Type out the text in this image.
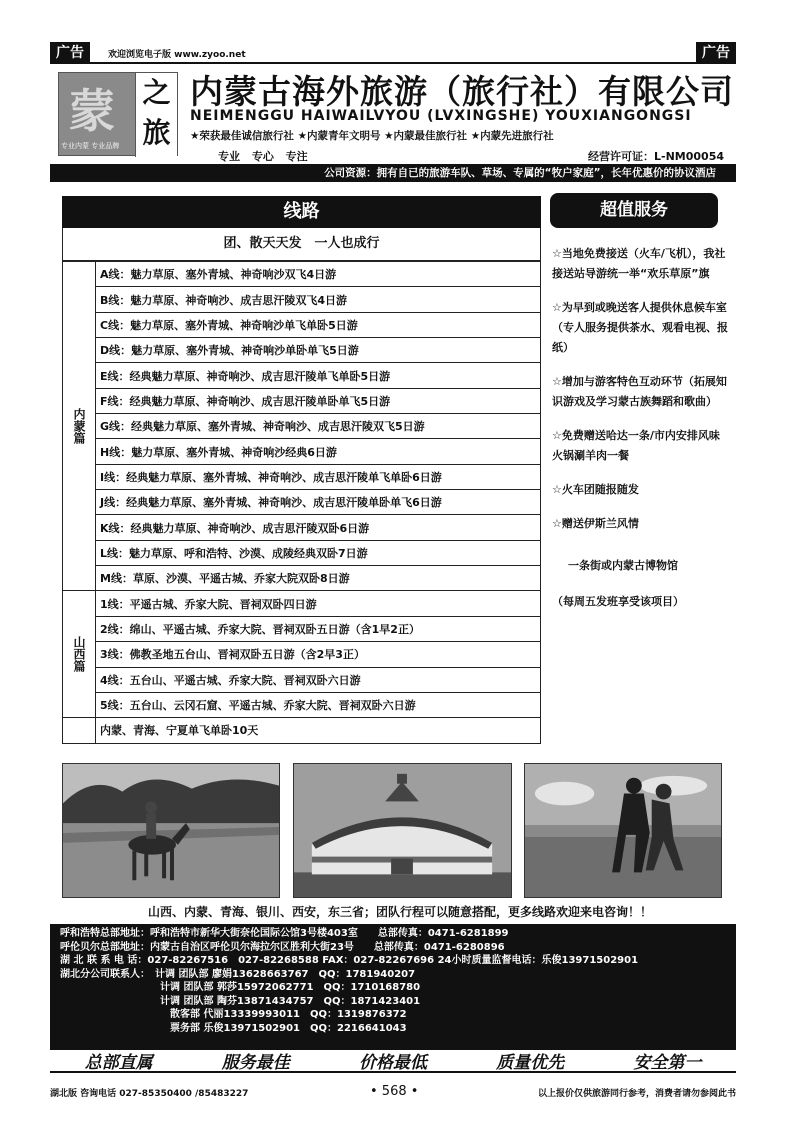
广告	欢迎浏览电子版 www.zyoo.net	广告
蒙 之
旅
专业内蒙 专业品牌
内蒙古海外旅游（旅行社）有限公司
NEIMENGGU HAIWAILVYOU (LVXINGSHE) YOUXIANGONGSI
★荣获最佳诚信旅行社 ★内蒙青年文明号 ★内蒙最佳旅行社 ★内蒙先进旅行社
专业 专心 专注	经营许可证：L-NM00054
公司资源：拥有自已的旅游车队、草场、专属的“牧户家庭”，长年优惠价的协议酒店
线路
团、散天天发　一人也成行
内蒙篇	A线：魅力草原、塞外青城、神奇响沙双飞4日游
	B线：魅力草原、神奇响沙、成吉思汗陵双飞4日游
	C线：魅力草原、塞外青城、神奇响沙单飞单卧5日游
	D线：魅力草原、塞外青城、神奇响沙单卧单飞5日游
	E线：经典魅力草原、神奇响沙、成吉思汗陵单飞单卧5日游
	F线：经典魅力草原、神奇响沙、成吉思汗陵单卧单飞5日游
	G线：经典魅力草原、塞外青城、神奇响沙、成吉思汗陵双飞5日游
	H线：魅力草原、塞外青城、神奇响沙经典6日游
	I线：经典魅力草原、塞外青城、神奇响沙、成吉思汗陵单飞单卧6日游
	J线：经典魅力草原、塞外青城、神奇响沙、成吉思汗陵单卧单飞6日游
	K线：经典魅力草原、神奇响沙、成吉思汗陵双卧6日游
	L线：魅力草原、呼和浩特、沙漠、成陵经典双卧7日游
	M线：草原、沙漠、平遥古城、乔家大院双卧8日游
山西篇	1线：平遥古城、乔家大院、晋祠双卧四日游
	2线：绵山、平遥古城、乔家大院、晋祠双卧五日游（含1早2正）
	3线：佛教圣地五台山、晋祠双卧五日游（含2早3正）
	4线：五台山、平遥古城、乔家大院、晋祠双卧六日游
	5线：五台山、云冈石窟、平遥古城、乔家大院、晋祠双卧六日游
	内蒙、青海、宁夏单飞单卧10天
超值服务
☆当地免费接送（火车/飞机），我社接送站导游统一举“欢乐草原”旗
☆为早到或晚送客人提供休息候车室（专人服务提供茶水、观看电视、报纸）
☆增加与游客特色互动环节（拓展知识游戏及学习蒙古族舞蹈和歌曲）
☆免费赠送哈达一条/市内安排风味火锅涮羊肉一餐
☆火车团随报随发
☆赠送伊斯兰风情
一条街或内蒙古博物馆
（每周五发班享受该项目）
山西、内蒙、青海、银川、西安，东三省；团队行程可以随意搭配，更多线路欢迎来电咨询！！
呼和浩特总部地址：呼和浩特市新华大街奈伦国际公馆3号楼403室　　总部传真：0471-6281899
呼伦贝尔总部地址：内蒙古自治区呼伦贝尔海拉尔区胜利大街23号　　总部传真：0471-6280896
湖 北 联 系 电 话：027-82267516　027-82268588 FAX：027-82267696 24小时质量监督电话：乐俊13971502901
湖北分公司联系人：　计调 团队部 廖娟13628663767　QQ：1781940207
　　　　　　　　　　计调 团队部 郭莎15972062771　QQ：1710168780
　　　　　　　　　　计调 团队部 陶芬13871434757　QQ：1871423401
　　　　　　　　　　　散客部 代丽13339993011　QQ：1319876372
　　　　　　　　　　　票务部 乐俊13971502901　QQ：2216641043
总部直属	服务最佳	价格最低	质量优先	安全第一
湖北版 咨询电话 027-85350400 /85483227	• 568 •	以上报价仅供旅游同行参考，消费者请勿参阅此书
